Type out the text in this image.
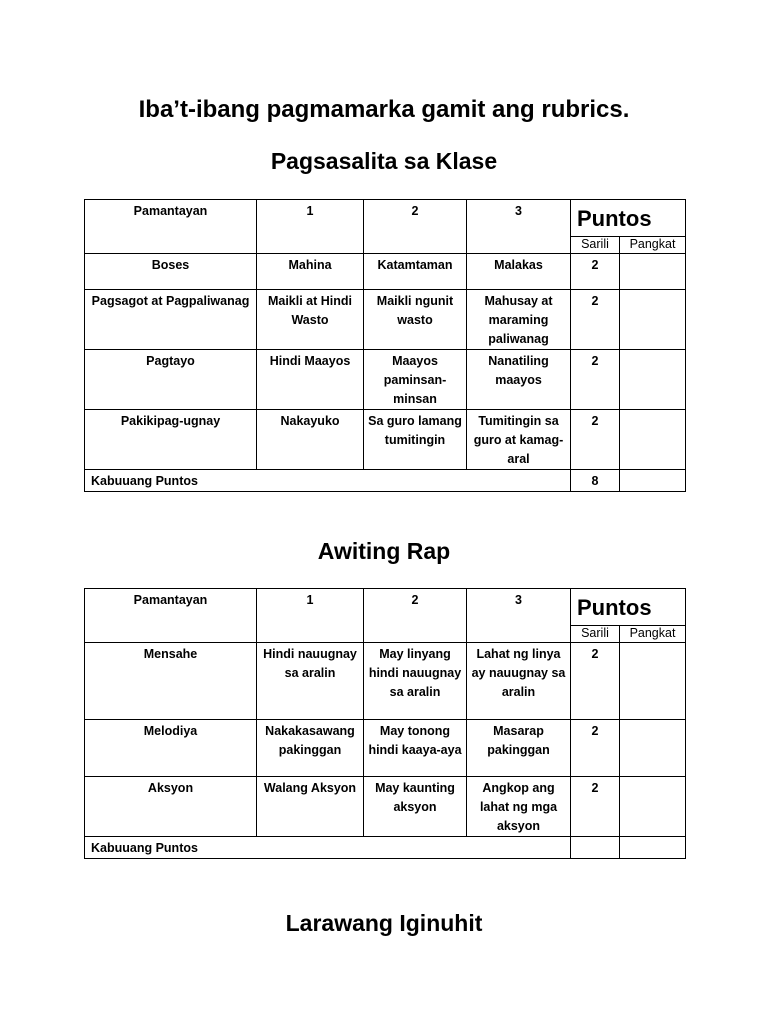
Iba’t-ibang pagmamarka gamit ang rubrics.
Pagsasalita sa Klase
Pamantayan	1	2	3	Puntos	
				Sarili	Pangkat
Boses	Mahina	Katamtaman	Malakas	2	
Pagsagot at Pagpaliwanag	Maikli at Hindi Wasto	Maikli ngunit wasto	Mahusay at maraming paliwanag	2	
Pagtayo	Hindi Maayos	Maayos paminsan-minsan	Nanatiling maayos	2	
Pakikipag-ugnay	Nakayuko	Sa guro lamang tumitingin	Tumitingin sa guro at kamag-aral	2	
Kabuuang Puntos				8	
Awiting Rap
Pamantayan	1	2	3	Puntos	
				Sarili	Pangkat
Mensahe	Hindi nauugnay sa aralin	May linyang hindi nauugnay sa aralin	Lahat ng linya ay nauugnay sa aralin	2	
Melodiya	Nakakasawang pakinggan	May tonong hindi kaaya-aya	Masarap pakinggan	2	
Aksyon	Walang Aksyon	May kaunting aksyon	Angkop ang lahat ng mga aksyon	2	
Kabuuang Puntos					
Larawang Iginuhit
